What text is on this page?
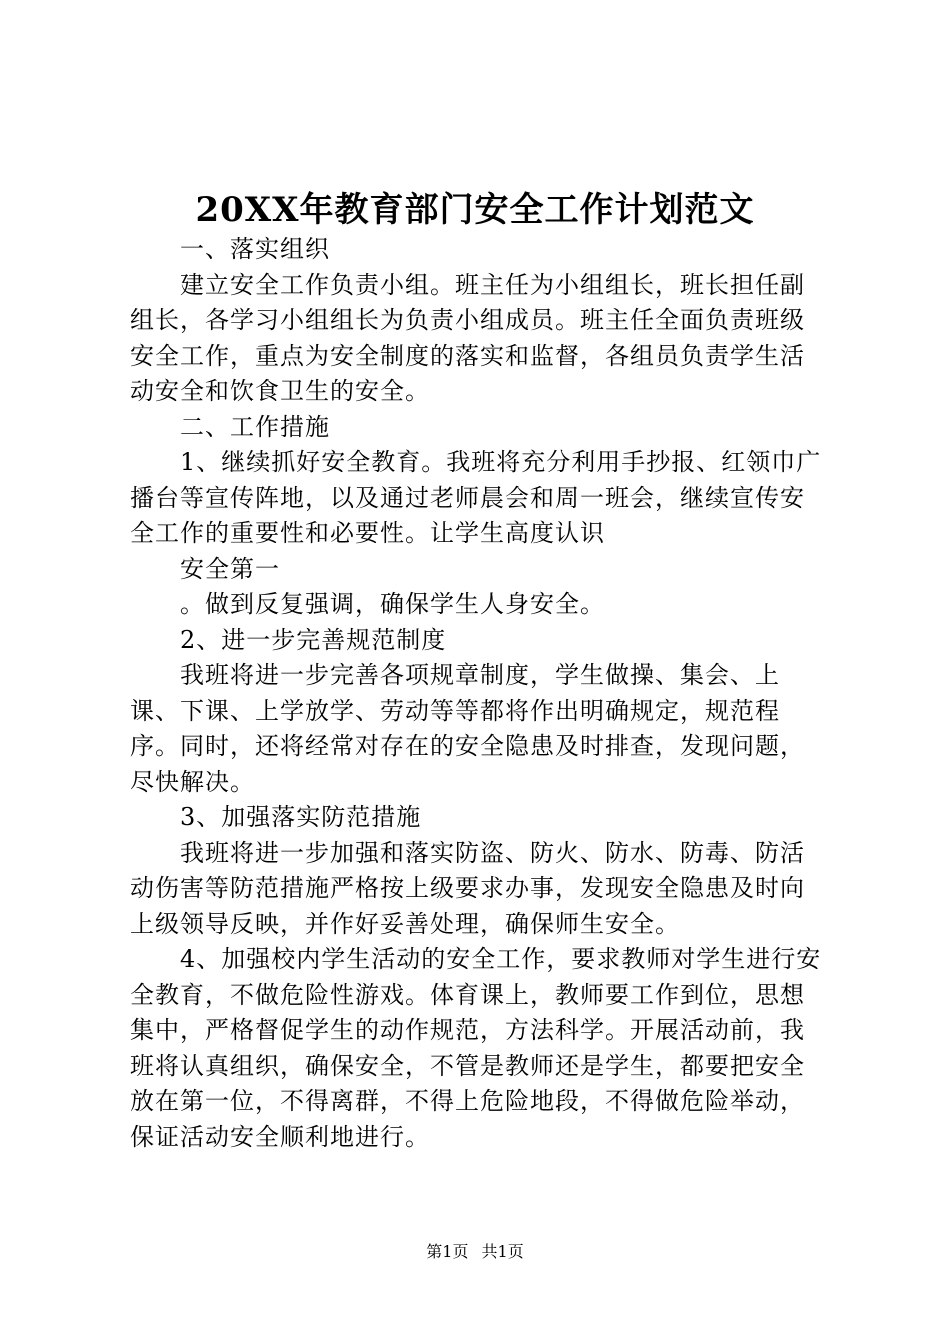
20XX年教育部门安全工作计划范文

一、落实组织

建立安全工作负责小组。班主任为小组组长，班长担任副组长，各学习小组组长为负责小组成员。班主任全面负责班级安全工作，重点为安全制度的落实和监督，各组员负责学生活动安全和饮食卫生的安全。

二、工作措施

1、继续抓好安全教育。我班将充分利用手抄报、红领巾广播台等宣传阵地，以及通过老师晨会和周一班会，继续宣传安全工作的重要性和必要性。让学生高度认识

安全第一

。做到反复强调，确保学生人身安全。

2、进一步完善规范制度

我班将进一步完善各项规章制度，学生做操、集会、上课、下课、上学放学、劳动等等都将作出明确规定，规范程序。同时，还将经常对存在的安全隐患及时排查，发现问题，尽快解决。

3、加强落实防范措施

我班将进一步加强和落实防盗、防火、防水、防毒、防活动伤害等防范措施严格按上级要求办事，发现安全隐患及时向上级领导反映，并作好妥善处理，确保师生安全。

4、加强校内学生活动的安全工作，要求教师对学生进行安全教育，不做危险性游戏。体育课上，教师要工作到位，思想集中，严格督促学生的动作规范，方法科学。开展活动前，我班将认真组织，确保安全，不管是教师还是学生，都要把安全放在第一位，不得离群，不得上危险地段，不得做危险举动，保证活动安全顺利地进行。

第1页 共1页
